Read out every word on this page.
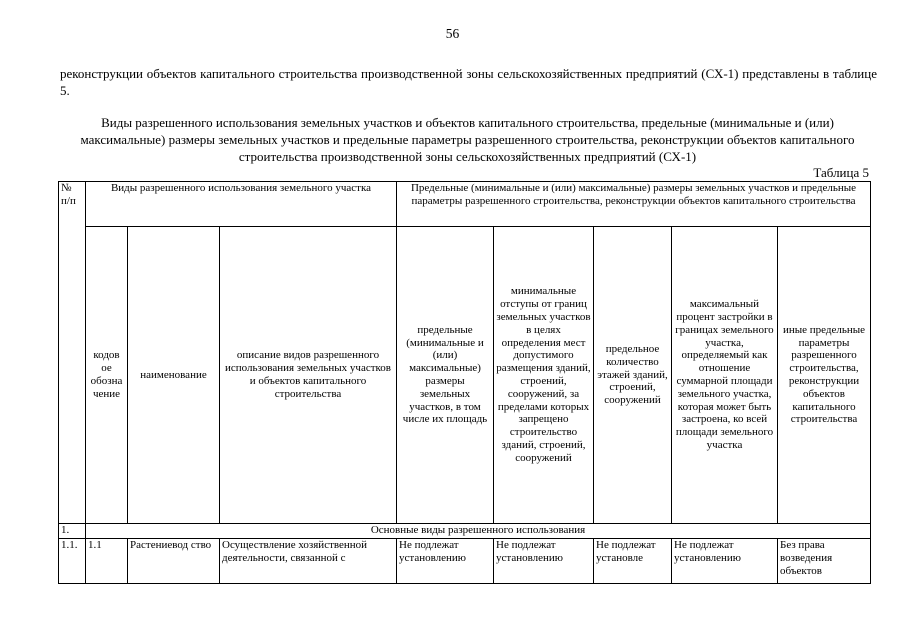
56

реконструкции объектов капитального строительства производственной зоны сельскохозяйственных предприятий (СХ-1) представлены в таблице 5.

Виды разрешенного использования земельных участков и объектов капитального строительства, предельные (минимальные и (или) максимальные) размеры земельных участков и предельные параметры разрешенного строительства, реконструкции объектов капитального строительства производственной зоны сельскохозяйственных предприятий (СХ-1)

Таблица 5
№ п/п	Виды разрешенного использования земельного участка			Предельные (минимальные и (или) максимальные) размеры земельных участков и предельные параметры разрешенного строительства, реконструкции объектов капитального строительства				
	кодов ое обозна чение	наименование	описание видов разрешенного использования земельных участков и объектов капитального строительства	предельные (минимальные и (или) максимальные) размеры земельных участков, в том числе их площадь	минимальные отступы от границ земельных участков в целях определения мест допустимого размещения зданий, строений, сооружений, за пределами которых запрещено строительство зданий, строений, сооружений	предельное количество этажей зданий, строений, сооружений	максимальный процент застройки в границах земельного участка, определяемый как отношение суммарной площади земельного участка, которая может быть застроена, ко всей площади земельного участка	иные предельные параметры разрешенного строительства, реконструкции объектов капитального строительства
1.	Основные виды разрешенного использования							

1.1.	1.1	Растениевод ство	Осуществление хозяйственной деятельности, связанной с	Не подлежат установлению	Не подлежат установлению	Не подлежат установле	Не подлежат установлению	Без права возведения объектов
